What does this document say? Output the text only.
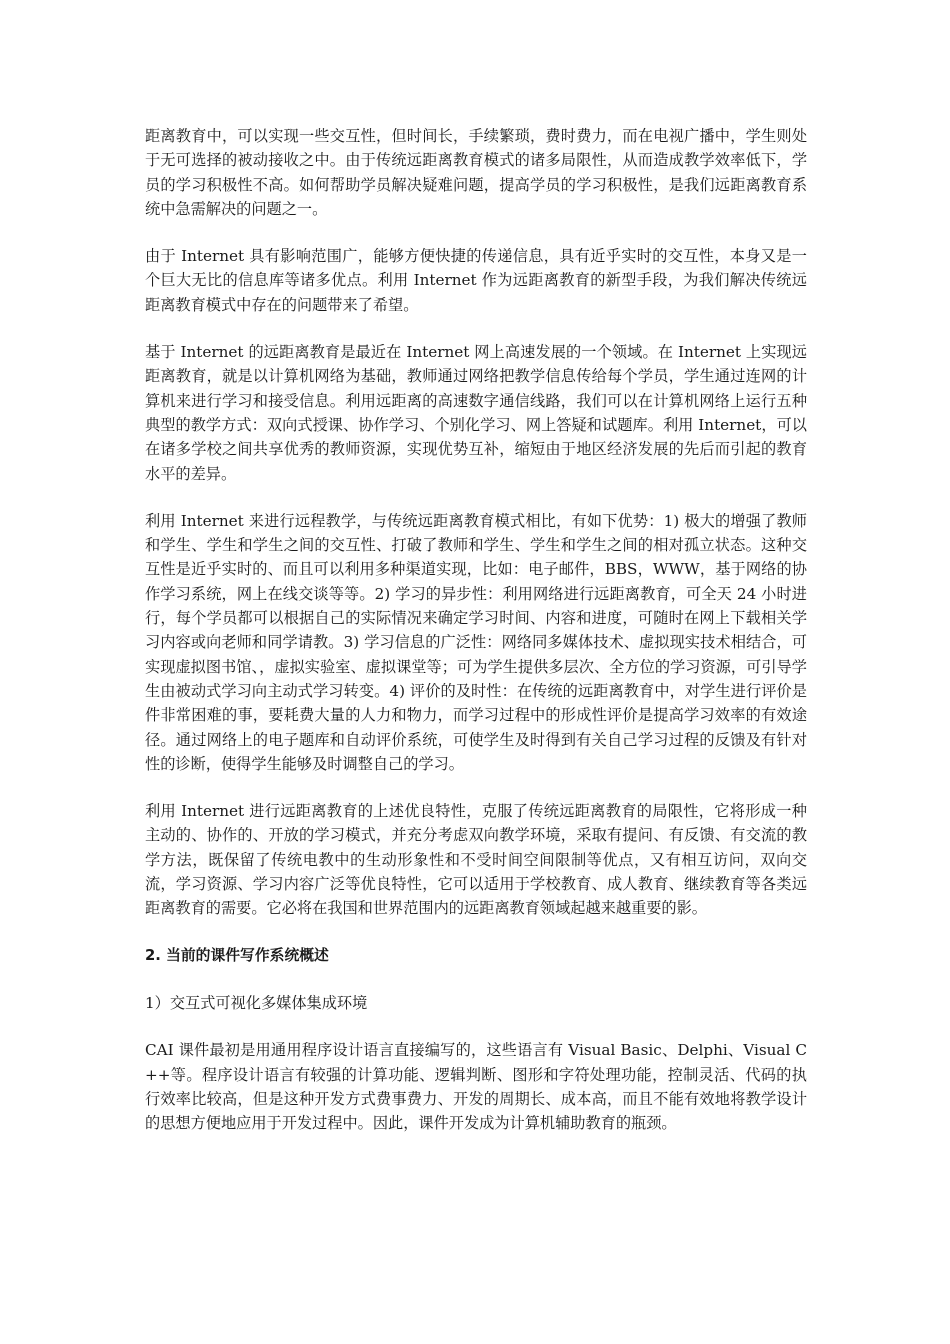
距离教育中，可以实现一些交互性，但时间长，手续繁琐，费时费力，而在电视广播中，学生则处于无可选择的被动接收之中。由于传统远距离教育模式的诸多局限性，从而造成教学效率低下，学员的学习积极性不高。如何帮助学员解决疑难问题，提高学员的学习积极性，是我们远距离教育系统中急需解决的问题之一。

由于 Internet 具有影响范围广，能够方便快捷的传递信息，具有近乎实时的交互性，本身又是一个巨大无比的信息库等诸多优点。利用 Internet 作为远距离教育的新型手段，为我们解决传统远距离教育模式中存在的问题带来了希望。

基于 Internet 的远距离教育是最近在 Internet 网上高速发展的一个领域。在 Internet 上实现远距离教育，就是以计算机网络为基础，教师通过网络把教学信息传给每个学员，学生通过连网的计算机来进行学习和接受信息。利用远距离的高速数字通信线路，我们可以在计算机网络上运行五种典型的教学方式：双向式授课、协作学习、个别化学习、网上答疑和试题库。利用 Internet，可以在诸多学校之间共享优秀的教师资源，实现优势互补，缩短由于地区经济发展的先后而引起的教育水平的差异。

利用 Internet 来进行远程教学，与传统远距离教育模式相比，有如下优势：1) 极大的增强了教师和学生、学生和学生之间的交互性、打破了教师和学生、学生和学生之间的相对孤立状态。这种交互性是近乎实时的、而且可以利用多种渠道实现，比如：电子邮件，BBS，WWW，基于网络的协作学习系统，网上在线交谈等等。2) 学习的异步性：利用网络进行远距离教育，可全天 24 小时进行，每个学员都可以根据自己的实际情况来确定学习时间、内容和进度，可随时在网上下载相关学习内容或向老师和同学请教。3) 学习信息的广泛性：网络同多媒体技术、虚拟现实技术相结合，可实现虚拟图书馆、，虚拟实验室、虚拟课堂等；可为学生提供多层次、全方位的学习资源，可引导学生由被动式学习向主动式学习转变。4) 评价的及时性：在传统的远距离教育中，对学生进行评价是件非常困难的事，要耗费大量的人力和物力，而学习过程中的形成性评价是提高学习效率的有效途径。通过网络上的电子题库和自动评价系统，可使学生及时得到有关自己学习过程的反馈及有针对性的诊断，使得学生能够及时调整自己的学习。

利用 Internet 进行远距离教育的上述优良特性，克服了传统远距离教育的局限性，它将形成一种主动的、协作的、开放的学习模式，并充分考虑双向教学环境，采取有提问、有反馈、有交流的教学方法，既保留了传统电教中的生动形象性和不受时间空间限制等优点，又有相互访问，双向交流，学习资源、学习内容广泛等优良特性，它可以适用于学校教育、成人教育、继续教育等各类远距离教育的需要。它必将在我国和世界范围内的远距离教育领域起越来越重要的影。

2. 当前的课件写作系统概述

1）交互式可视化多媒体集成环境

CAI 课件最初是用通用程序设计语言直接编写的，这些语言有 Visual Basic、Delphi、Visual C++等。程序设计语言有较强的计算功能、逻辑判断、图形和字符处理功能，控制灵活、代码的执行效率比较高，但是这种开发方式费事费力、开发的周期长、成本高，而且不能有效地将教学设计的思想方便地应用于开发过程中。因此，课件开发成为计算机辅助教育的瓶颈。
